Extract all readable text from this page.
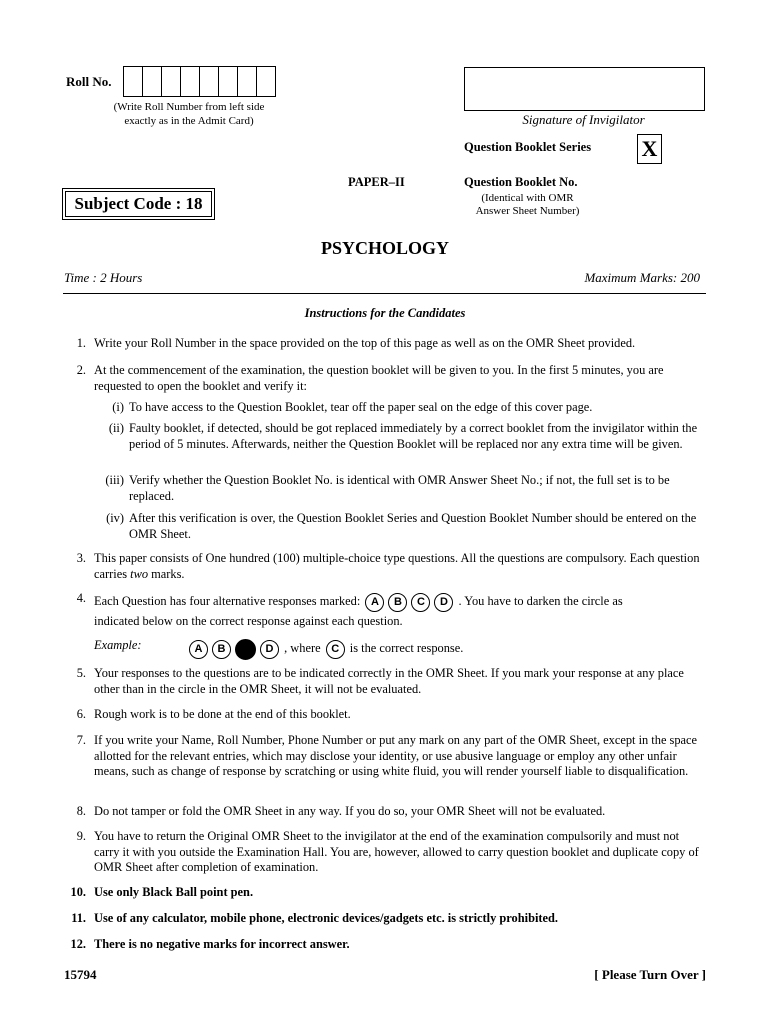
Roll No.
(Write Roll Number from left side
exactly as in the Admit Card)	Signature of Invigilator
Question Booklet Series X
PAPER–II	Question Booklet No.
(Identical with OMR
Answer Sheet Number)
Subject Code : 18
PSYCHOLOGY
Time : 2 Hours	Maximum Marks: 200
Instructions for the Candidates
1. Write your Roll Number in the space provided on the top of this page as well as on the OMR Sheet provided.
2. At the commencement of the examination, the question booklet will be given to you. In the first 5 minutes, you are requested to open the booklet and verify it:
(i) To have access to the Question Booklet, tear off the paper seal on the edge of this cover page.
(ii) Faulty booklet, if detected, should be got replaced immediately by a correct booklet from the invigilator within the period of 5 minutes. Afterwards, neither the Question Booklet will be replaced nor any extra time will be given.
(iii) Verify whether the Question Booklet No. is identical with OMR Answer Sheet No.; if not, the full set is to be replaced.
(iv) After this verification is over, the Question Booklet Series and Question Booklet Number should be entered on the OMR Sheet.
3. This paper consists of One hundred (100) multiple-choice type questions. All the questions are compulsory. Each question carries two marks.
4. Each Question has four alternative responses marked: A B C D . You have to darken the circle as
indicated below on the correct response against each question.
Example:	A B	D , where C is the correct response.
5. Your responses to the questions are to be indicated correctly in the OMR Sheet. If you mark your response at any place other than in the circle in the OMR Sheet, it will not be evaluated.
6. Rough work is to be done at the end of this booklet.
7. If you write your Name, Roll Number, Phone Number or put any mark on any part of the OMR Sheet, except in the space allotted for the relevant entries, which may disclose your identity, or use abusive language or employ any other unfair means, such as change of response by scratching or using white fluid, you will render yourself liable to disqualification.
8. Do not tamper or fold the OMR Sheet in any way. If you do so, your OMR Sheet will not be evaluated.
9. You have to return the Original OMR Sheet to the invigilator at the end of the examination compulsorily and must not carry it with you outside the Examination Hall. You are, however, allowed to carry question booklet and duplicate copy of OMR Sheet after completion of examination.
10. Use only Black Ball point pen.
11. Use of any calculator, mobile phone, electronic devices/gadgets etc. is strictly prohibited.
12. There is no negative marks for incorrect answer.
15794	[ Please Turn Over ]
